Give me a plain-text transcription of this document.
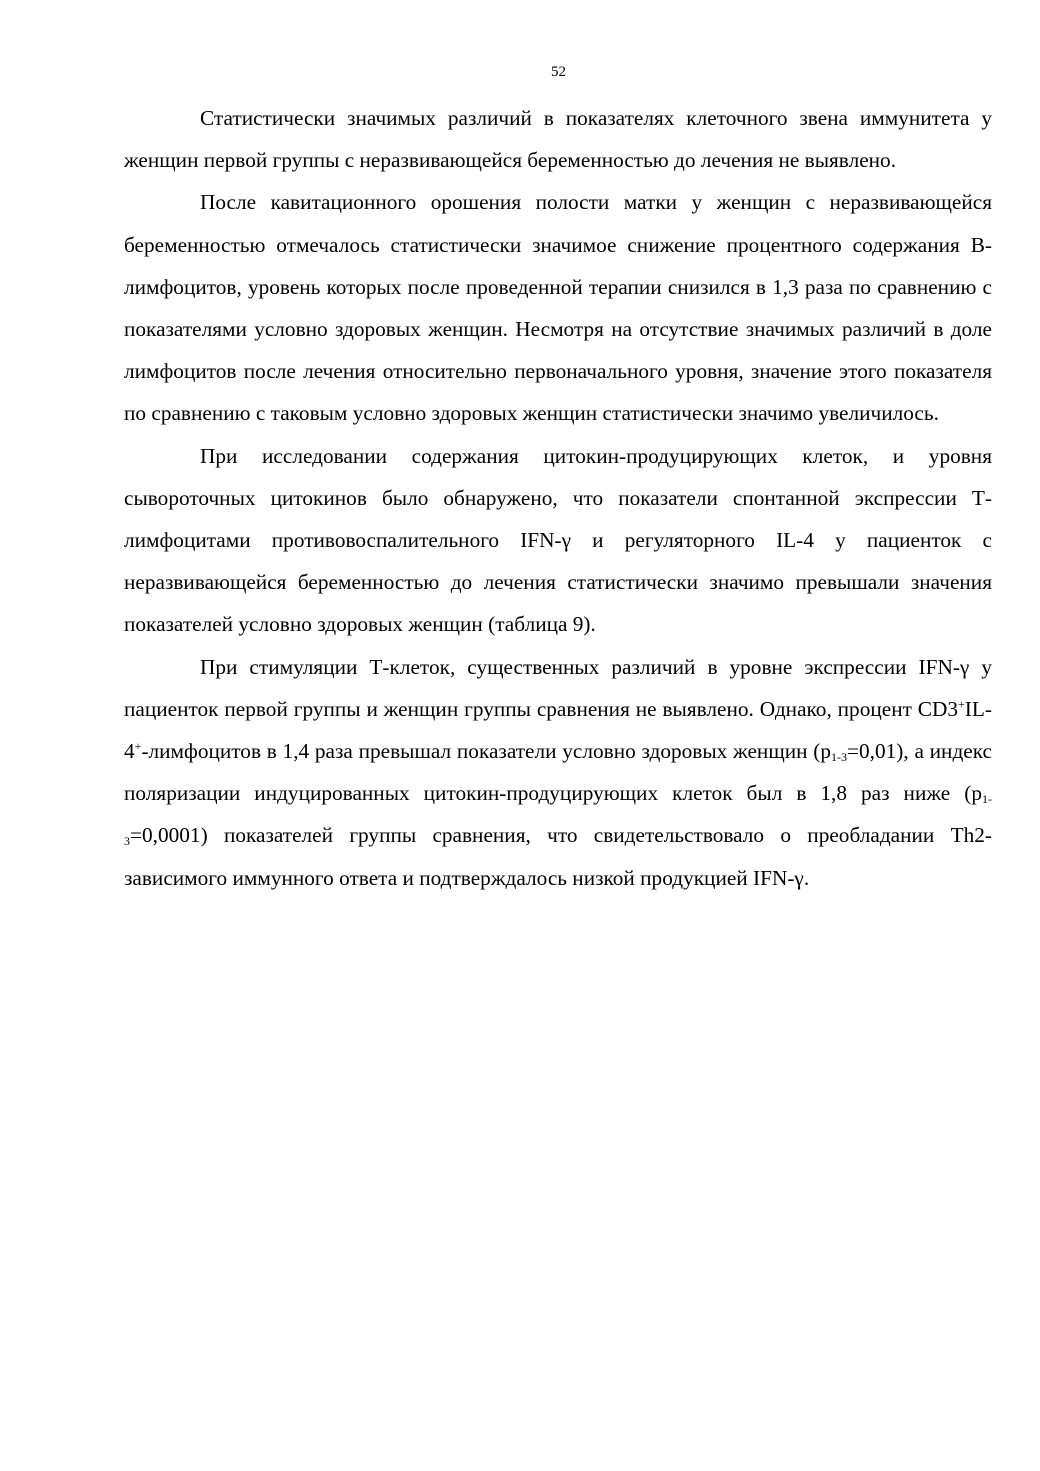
52

Статистически значимых различий в показателях клеточного звена иммунитета у женщин первой группы с неразвивающейся беременностью до лечения не выявлено.

После кавитационного орошения полости матки у женщин с неразвивающейся беременностью отмечалось статистически значимое снижение процентного содержания В-лимфоцитов, уровень которых после проведенной терапии снизился в 1,3 раза по сравнению с показателями условно здоровых женщин. Несмотря на отсутствие значимых различий в доле лимфоцитов после лечения относительно первоначального уровня, значение этого показателя по сравнению с таковым условно здоровых женщин статистически значимо увеличилось.

При исследовании содержания цитокин-продуцирующих клеток, и уровня сывороточных цитокинов было обнаружено, что показатели спонтанной экспрессии Т-лимфоцитами противовоспалительного IFN-γ и регуляторного IL-4 у пациенток с неразвивающейся беременностью до лечения статистически значимо превышали значения показателей условно здоровых женщин (таблица 9).

При стимуляции Т-клеток, существенных различий в уровне экспрессии IFN-γ у пациенток первой группы и женщин группы сравнения не выявлено. Однако, процент CD3+IL-4+-лимфоцитов в 1,4 раза превышал показатели условно здоровых женщин $(p_{1-3}=0,01)$, а индекс поляризации индуцированных цитокин-продуцирующих клеток был в 1,8 раз ниже $(p_{1-3}=0,0001)$ показателей группы сравнения, что свидетельствовало о преобладании Th2-зависимого иммунного ответа и подтверждалось низкой продукцией IFN-γ.
